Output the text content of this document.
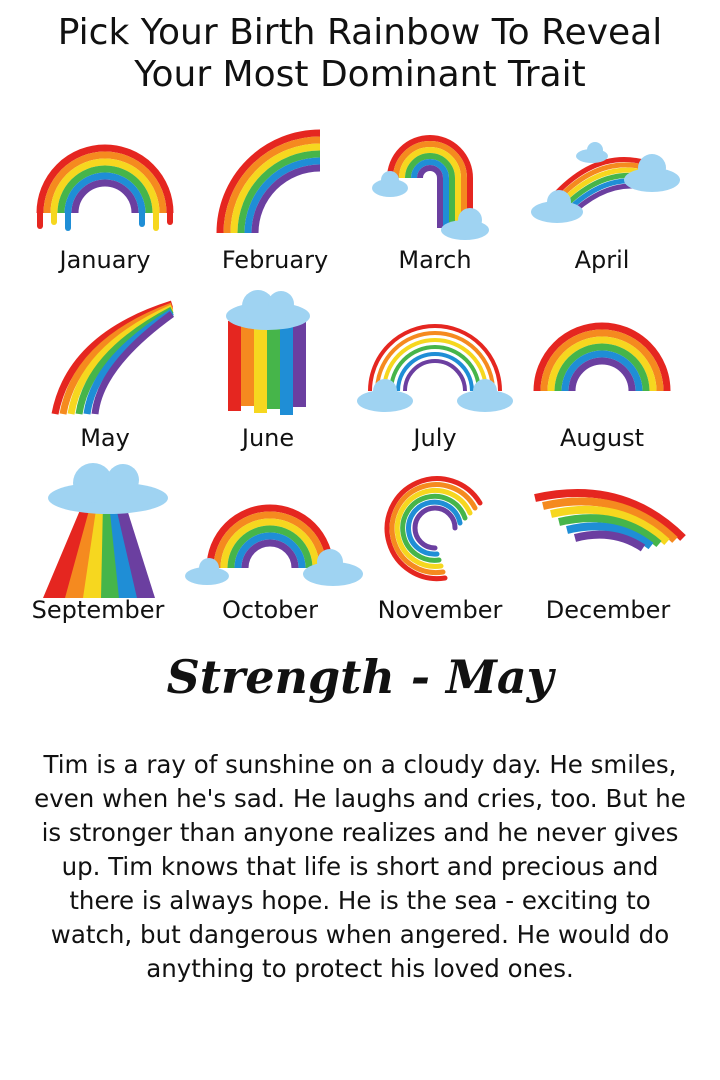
Pick Your Birth Rainbow To Reveal
Your Most Dominant Trait
January	February	March	April
May	June	July	August
September	October	November	December
Strength - May
Tim is a ray of sunshine on a cloudy day. He smiles, even when he's sad. He laughs and cries, too. But he is stronger than anyone realizes and he never gives up. Tim knows that life is short and precious and there is always hope. He is the sea - exciting to watch, but dangerous when angered. He would do anything to protect his loved ones.
